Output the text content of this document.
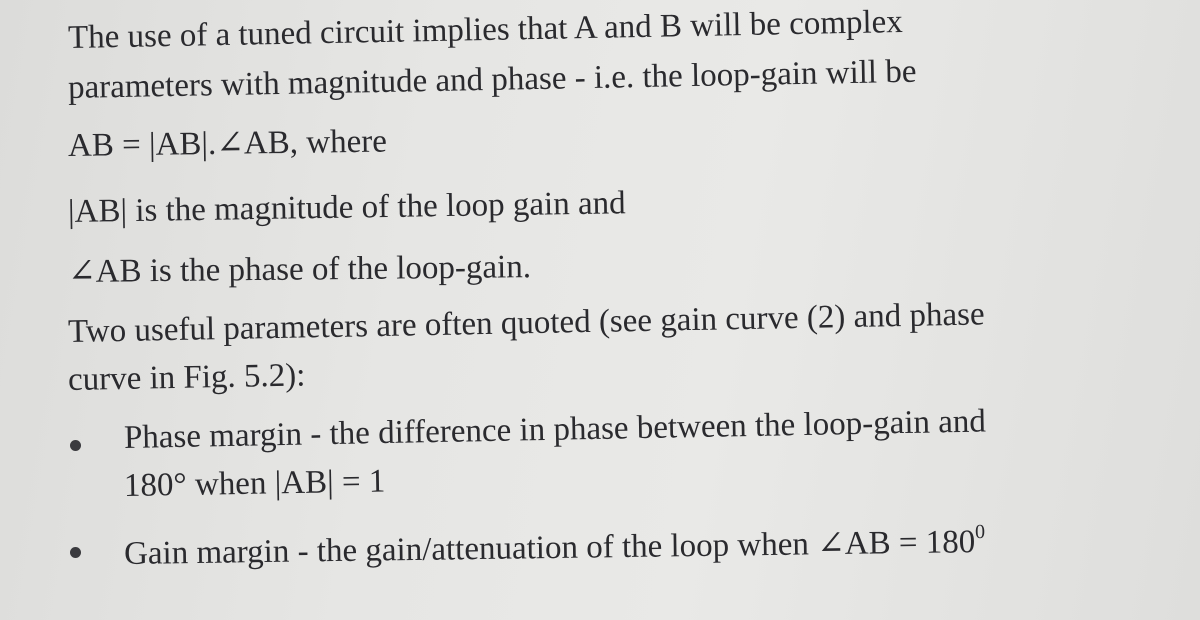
The use of a tuned circuit implies that A and B will be complex
parameters with magnitude and phase - i.e. the loop-gain will be
AB = |AB|.∠AB, where
|AB| is the magnitude of the loop gain and
∠AB is the phase of the loop-gain.
Two useful parameters are often quoted (see gain curve (2) and phase
curve in Fig. 5.2):
Phase margin - the difference in phase between the loop-gain and
180° when |AB| = 1
Gain margin - the gain/attenuation of the loop when ∠AB = $180^0$
